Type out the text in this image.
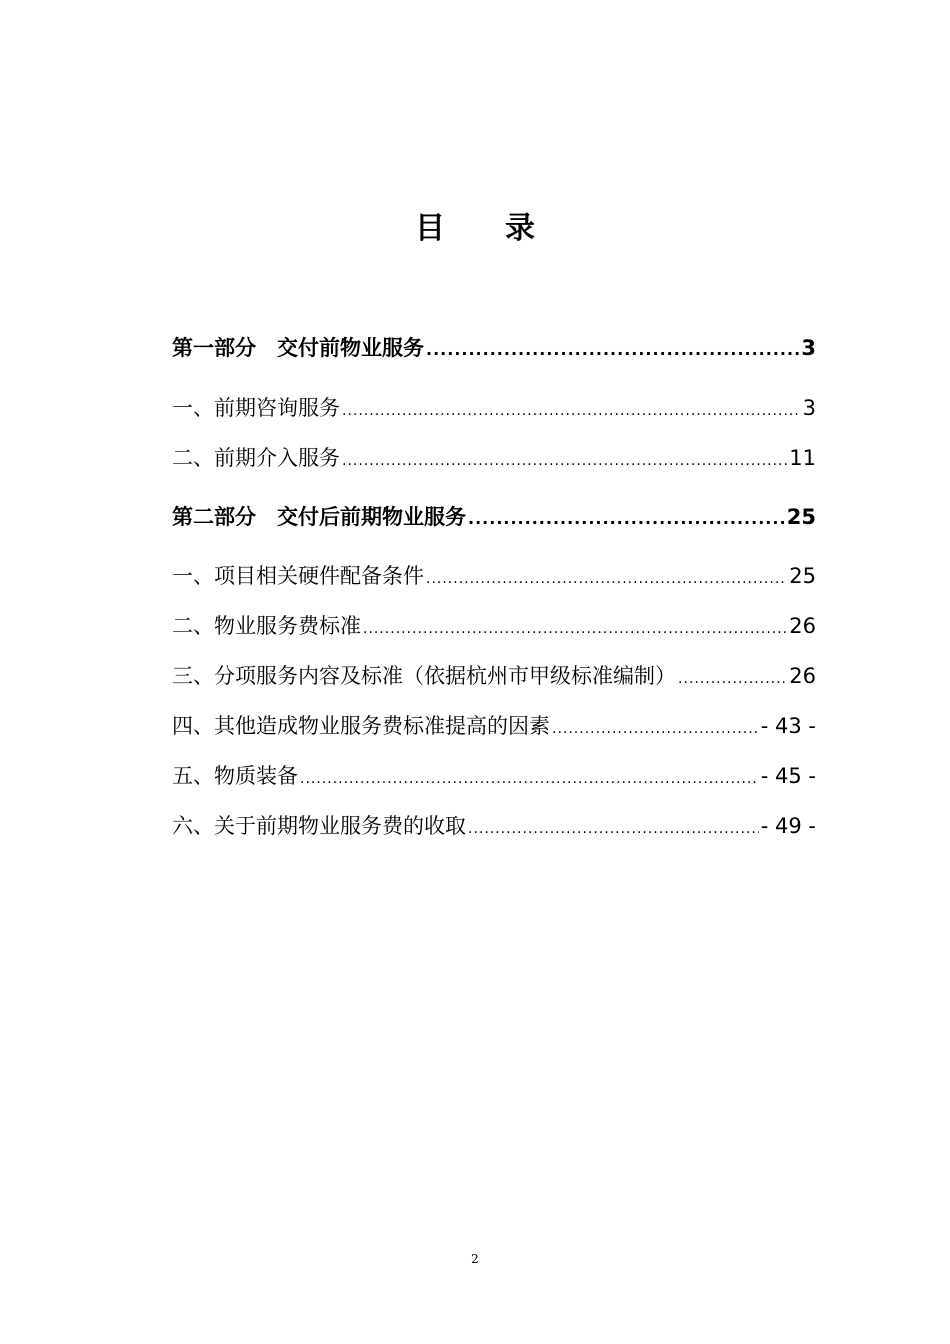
目 录
第一部分　交付前物业服务 .....	3
一、前期咨询服务 .....	3
二、前期介入服务 .....	11
第二部分　交付后前期物业服务 .....	25
一、项目相关硬件配备条件 .....	25
二、物业服务费标准 .....	26
三、分项服务内容及标准（依据杭州市甲级标准编制） .....	26
四、其他造成物业服务费标准提高的因素 .....	- 43 -
五、物质装备 .....	- 45 -
六、关于前期物业服务费的收取 .....	- 49 -
2
